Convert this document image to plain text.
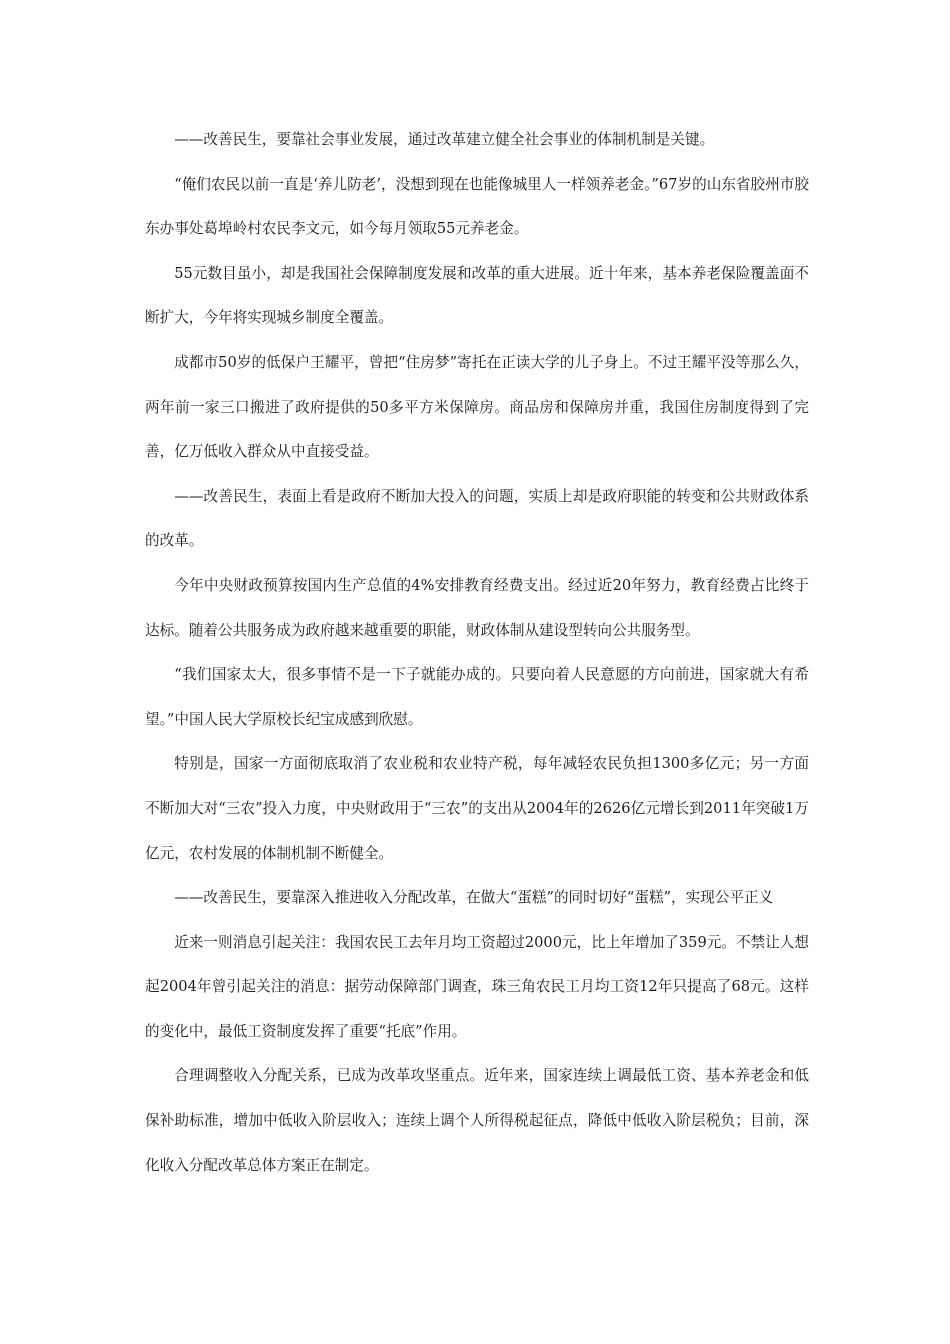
——改善民生，要靠社会事业发展，通过改革建立健全社会事业的体制机制是关键。

“俺们农民以前一直是‘养儿防老’，没想到现在也能像城里人一样领养老金。”67岁的山东省胶州市胶东办事处葛埠岭村农民李文元，如今每月领取55元养老金。

55元数目虽小，却是我国社会保障制度发展和改革的重大进展。近十年来，基本养老保险覆盖面不断扩大，今年将实现城乡制度全覆盖。

成都市50岁的低保户王耀平，曾把“住房梦”寄托在正读大学的儿子身上。不过王耀平没等那么久，两年前一家三口搬进了政府提供的50多平方米保障房。商品房和保障房并重，我国住房制度得到了完善，亿万低收入群众从中直接受益。

——改善民生，表面上看是政府不断加大投入的问题，实质上却是政府职能的转变和公共财政体系的改革。

今年中央财政预算按国内生产总值的4%安排教育经费支出。经过近20年努力，教育经费占比终于达标。随着公共服务成为政府越来越重要的职能，财政体制从建设型转向公共服务型。

“我们国家太大，很多事情不是一下子就能办成的。只要向着人民意愿的方向前进，国家就大有希望。”中国人民大学原校长纪宝成感到欣慰。

特别是，国家一方面彻底取消了农业税和农业特产税，每年减轻农民负担1300多亿元；另一方面不断加大对“三农”投入力度，中央财政用于“三农”的支出从2004年的2626亿元增长到2011年突破1万亿元，农村发展的体制机制不断健全。

——改善民生，要靠深入推进收入分配改革，在做大“蛋糕”的同时切好“蛋糕”，实现公平正义

近来一则消息引起关注：我国农民工去年月均工资超过2000元，比上年增加了359元。不禁让人想起2004年曾引起关注的消息：据劳动保障部门调查，珠三角农民工月均工资12年只提高了68元。这样的变化中，最低工资制度发挥了重要“托底”作用。

合理调整收入分配关系，已成为改革攻坚重点。近年来，国家连续上调最低工资、基本养老金和低保补助标准，增加中低收入阶层收入；连续上调个人所得税起征点，降低中低收入阶层税负；目前，深化收入分配改革总体方案正在制定。
